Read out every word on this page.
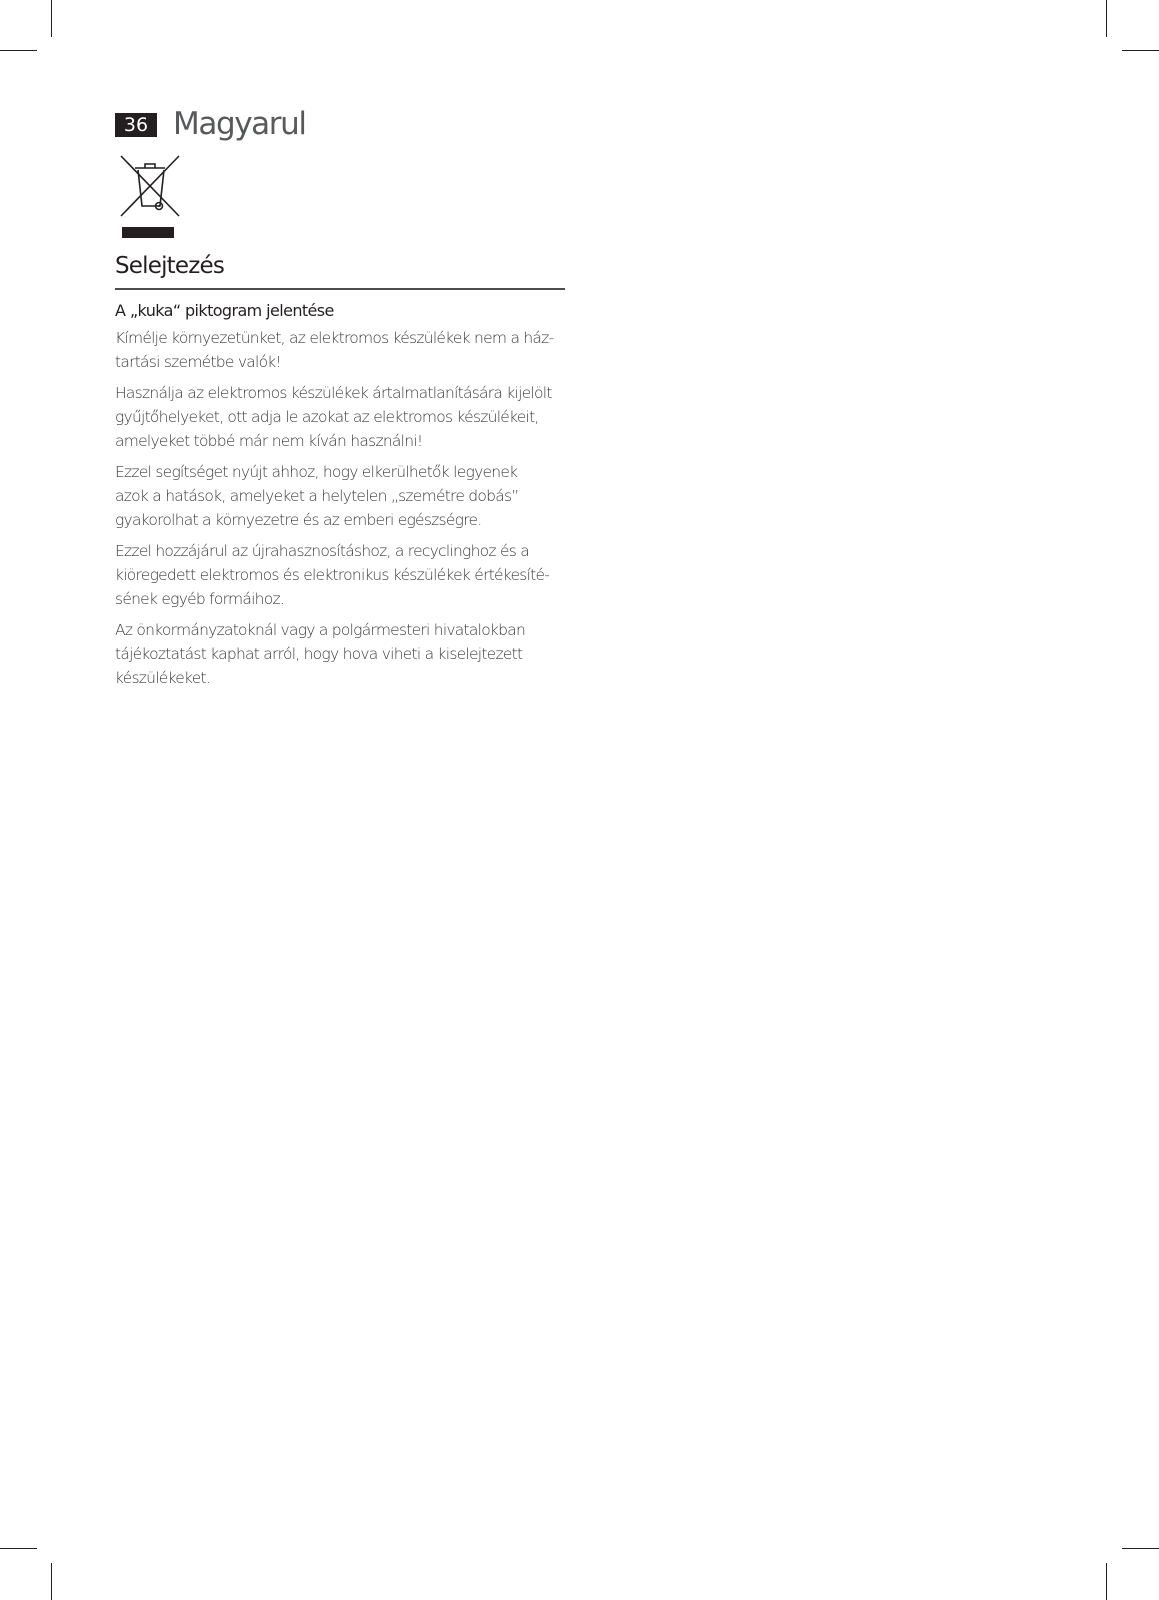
36 Magyarul
Selejtezés
A „kuka“ piktogram jelentése
Kímélje környezetünket, az elektromos készülékek nem a ház-
tartási szemétbe valók!
Használja az elektromos készülékek ártalmatlanítására kijelölt
gyűjtőhelyeket, ott adja le azokat az elektromos készülékeit,
amelyeket többé már nem kíván használni!
Ezzel segítséget nyújt ahhoz, hogy elkerülhetők legyenek
azok a hatások, amelyeket a helytelen „szemétre dobás”
gyakorolhat a környezetre és az emberi egészségre.
Ezzel hozzájárul az újrahasznosításhoz, a recyclinghoz és a
kiöregedett elektromos és elektronikus készülékek értékesíté-
sének egyéb formáihoz.
Az önkormányzatoknál vagy a polgármesteri hivatalokban
tájékoztatást kaphat arról, hogy hova viheti a kiselejtezett
készülékeket.
